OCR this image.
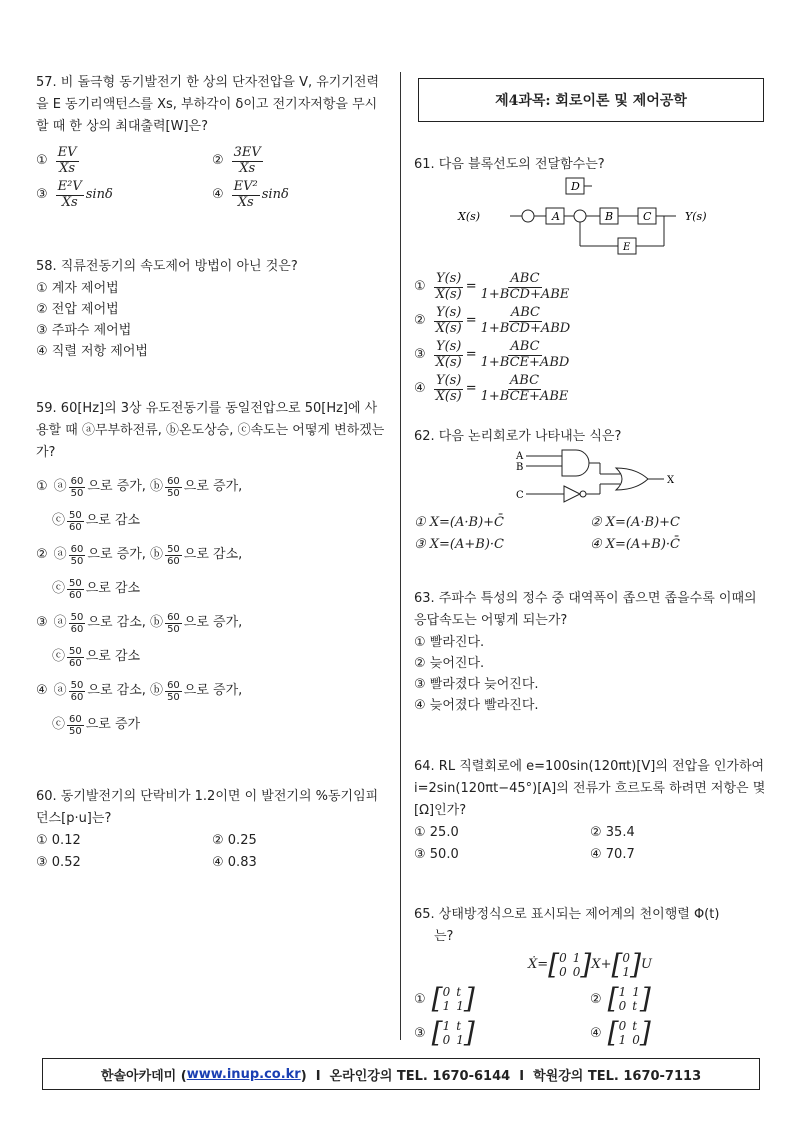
57. 비 돌극형 동기발전기 한 상의 단자전압을 V, 유기기전력을 E 동기리액턴스를 Xs, 부하각이 δ이고 전기자저항을 무시할 때 한 상의 최대출력[W]은?

① $\frac{EV}{Xs}$	② $\frac{3EV}{Xs}$
③ $\frac{\text{E²V}}{Xs}$ sinδ	④ $\frac{\text{EV²}}{Xs}$ sinδ

58. 직류전동기의 속도제어 방법이 아닌 것은?

① 계자 제어법
② 전압 제어법
③ 주파수 제어법
④ 직렬 저항 제어법

59. 60[Hz]의 3상 유도전동기를 동일전압으로 50[Hz]에 사용할 때 ⓐ무부하전류, ⓑ온도상승, ⓒ속도는 어떻게 변하겠는가?

① ⓐ $\frac{60}{50}$ 으로 증가,
ⓑ $\frac{60}{50}$ 으로 증가,
ⓒ $\frac{50}{60}$ 으로 감소
② ⓐ $\frac{60}{50}$ 으로 증가,
ⓑ $\frac{50}{60}$ 으로 감소,
ⓒ $\frac{50}{60}$ 으로 감소
③ ⓐ $\frac{50}{60}$ 으로 감소,
ⓑ $\frac{60}{50}$ 으로 증가,
ⓒ $\frac{50}{60}$ 으로 감소
④ ⓐ $\frac{50}{60}$ 으로 감소,
ⓑ $\frac{60}{50}$ 으로 증가,
ⓒ $\frac{60}{50}$ 으로 증가

60. 동기발전기의 단락비가 1.2이면 이 발전기의 %동기임피던스[p·u]는?

① 0.12	② 0.25
③ 0.52	④ 0.83
제4과목: 회로이론 및 제어공학

61. 다음 블록선도의 전달함수는?

X(s)	Y(s)
A	B	C
D
E
① $\frac{Y(s)}{X(s)} = \frac{\text{ABC}}{\text{1+BCD+ABE}}$
② $\frac{Y(s)}{X(s)} = \frac{\text{ABC}}{\text{1+BCD+ABD}}$
③ $\frac{Y(s)}{X(s)} = \frac{\text{ABC}}{\text{1+BCE+ABD}}$
④ $\frac{Y(s)}{X(s)} = \frac{\text{ABC}}{\text{1+BCE+ABE}}$

62. 다음 논리회로가 나타내는 식은?

A
B
C
X
① X=(A·B)+C̄	② X=(A·B)+C
③ X=(A+B)·C	④ X=(A+B)·C̄

63. 주파수 특성의 정수 중 대역폭이 좁으면 좁을수록 이때의 응답속도는 어떻게 되는가?

① 빨라진다.
② 늦어진다.
③ 빨라졌다 늦어진다.
④ 늦어졌다 빨라진다.

64. RL 직렬회로에 e=100sin(120πt)[V]의 전압을 인가하여 i=2sin(120πt−45°)[A]의 전류가 흐르도록 하려면 저항은 몇 [Ω]인가?

① 25.0	② 35.4
③ 50.0	④ 70.7

65. 상태방정식으로 표시되는 제어계의 천이행렬 Φ(t)

는?

Ẋ= [ 0 1
0 0 ] X+ [ 0
1 ] U
① [ 0 t
1 1 ]	② [ 1 1
0 t ]
③ [ 1 t
0 1 ]	④ [ 0 t
1 0 ]
한솔아카데미 ( www.inup.co.kr )  I  온라인강의 TEL. 1670-6144  I  학원강의 TEL. 1670-7113
